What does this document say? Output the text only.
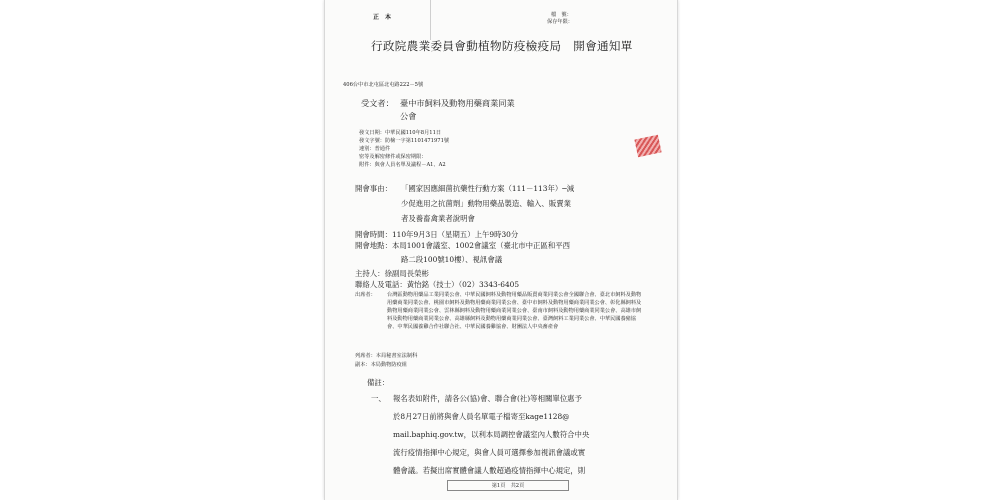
正　本	檔　號：
保存年限：
行政院農業委員會動植物防疫檢疫局　開會通知單
406台中市北屯區北屯路222－5號
受文者： 臺中市飼料及動物用藥商業同業
公會
發文日期：中華民國110年8月11日
發文字號：防檢一字第1101471971號
速別：普通件
密等及解密條件或保密期限：
附件：與會人員名單及議程－A1、A2
開會事由： 「國家因應細菌抗藥性行動方案（111－113年）─減
少促進用之抗菌劑」動物用藥品製造、輸入、販賣業
者及養畜禽業者說明會
開會時間：110年9月3日（星期五）上午9時30分
開會地點：本局1001會議室、1002會議室（臺北市中正區和平西
路二段100號10樓）、視訊會議
主持人：徐副局長榮彬
聯絡人及電話：黃怡銘（技士）（02）3343-6405
出席者： 台灣區動物用藥品工業同業公會、中華民國飼料及動物用藥品販賣商業同業公會全國聯合會、臺北市飼料及動物用藥商業同業公會、桃園市飼料及動物用藥商業同業公會、臺中市飼料及動物用藥商業同業公會、彰化縣飼料及動物用藥商業同業公會、雲林縣飼料及動物用藥商業同業公會、臺南市飼料及動物用藥商業同業公會、高雄市飼料及動物用藥商業同業公會、高雄縣飼料及動物用藥商業同業公會、臺灣飼料工業同業公會、中華民國養豬協會、中華民國養雞合作社聯合社、中華民國養雞協會、財團法人中央畜產會
列席者：本局秘書室法制科
副本：本局動物防疫組
備註：
一、 報名表如附件，請各公(協)會、聯合會(社)等相關單位惠予
於8月27日前將與會人員名單電子檔寄至kage1128@
mail.baphiq.gov.tw，以利本局調控會議室內人數符合中央
流行疫情指揮中心規定，與會人員可選擇參加視訊會議或實
體會議。若擬出席實體會議人數超過疫情指揮中心規定，則
第1頁　共2頁
